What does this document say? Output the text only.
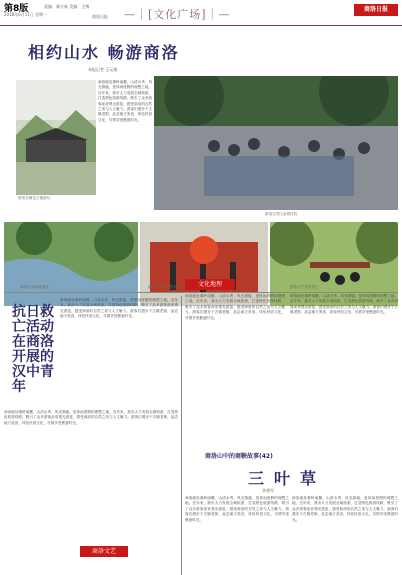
第8版
2018年6月11日 星期一
责编：郝方新 美编：王博
商洛日报 —｜[文化广场]｜—	商洛日报
相约山水 畅游商洛
本报记者 王元婧
游客在棣花古镇游玩
商洛地处秦岭南麓，山清水秀，风光旖旎，是休闲度假的理想之地。近年来，我市大力发展全域旅游，打造特色旅游线路，吸引了众多游客前来观光游览，感受商洛的自然之美与人文魅力。游客们漫步于古镇老街，品尝地方美食，体验民俗文化，尽情享受惬意时光。
游客在景区参观体验
游客在金丝峡漂流	游客在漫川关观看演出	游客在牛背梁景区
抗日救亡活动在商洛开展的汉中青年
商洛地处秦岭南麓，山清水秀，风光旖旎，是休闲度假的理想之地。近年来，我市大力发展全域旅游，打造特色旅游线路，吸引了众多游客前来观光游览，感受商洛的自然之美与人文魅力。游客们漫步于古镇老街，品尝地方美食，体验民俗文化，尽情享受惬意时光。
商洛地处秦岭南麓，山清水秀，风光旖旎，是休闲度假的理想之地。近年来，我市大力发展全域旅游，打造特色旅游线路，吸引了众多游客前来观光游览，感受商洛的自然之美与人文魅力。游客们漫步于古镇老街，品尝地方美食，体验民俗文化，尽情享受惬意时光。
文化地理
商洛地处秦岭南麓，山清水秀，风光旖旎，是休闲度假的理想之地。近年来，我市大力发展全域旅游，打造特色旅游线路，吸引了众多游客前来观光游览，感受商洛的自然之美与人文魅力。游客们漫步于古镇老街，品尝地方美食，体验民俗文化，尽情享受惬意时光。
商洛地处秦岭南麓，山清水秀，风光旖旎，是休闲度假的理想之地。近年来，我市大力发展全域旅游，打造特色旅游线路，吸引了众多游客前来观光游览，感受商洛的自然之美与人文魅力。游客们漫步于古镇老街，品尝地方美食，体验民俗文化，尽情享受惬意时光。
商洛山中的商鞅故事(42)
三叶草
李建军
商洛地处秦岭南麓，山清水秀，风光旖旎，是休闲度假的理想之地。近年来，我市大力发展全域旅游，打造特色旅游线路，吸引了众多游客前来观光游览，感受商洛的自然之美与人文魅力。游客们漫步于古镇老街，品尝地方美食，体验民俗文化，尽情享受惬意时光。
商洛地处秦岭南麓，山清水秀，风光旖旎，是休闲度假的理想之地。近年来，我市大力发展全域旅游，打造特色旅游线路，吸引了众多游客前来观光游览，感受商洛的自然之美与人文魅力。游客们漫步于古镇老街，品尝地方美食，体验民俗文化，尽情享受惬意时光。
商洛文艺
